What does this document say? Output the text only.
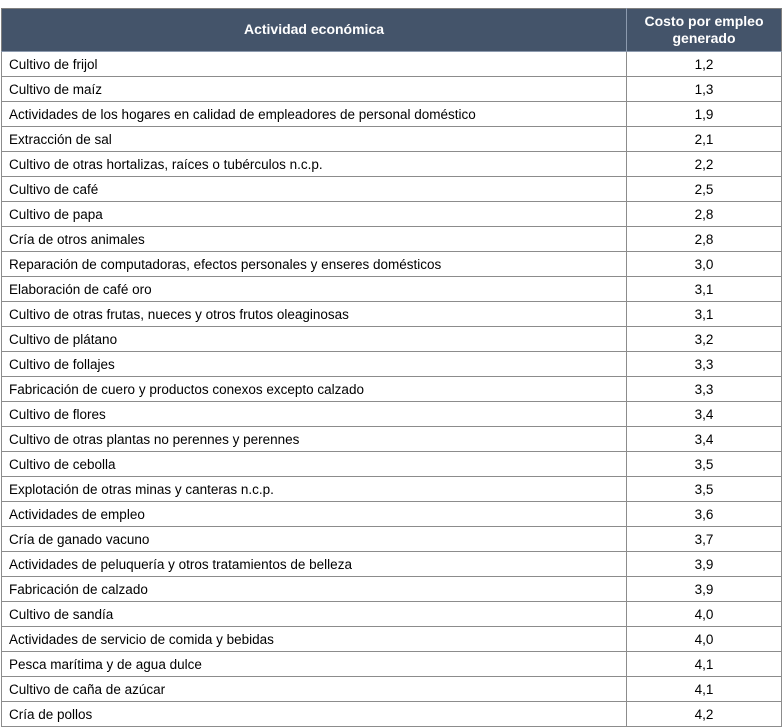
Actividad económica	Costo por empleo generado
Cultivo de frijol	1,2
Cultivo de maíz	1,3
Actividades de los hogares en calidad de empleadores de personal doméstico	1,9
Extracción de sal	2,1
Cultivo de otras hortalizas, raíces o tubérculos n.c.p.	2,2
Cultivo de café	2,5
Cultivo de papa	2,8
Cría de otros animales	2,8
Reparación de computadoras, efectos personales y enseres domésticos	3,0
Elaboración de café oro	3,1
Cultivo de otras frutas, nueces y otros frutos oleaginosas	3,1
Cultivo de plátano	3,2
Cultivo de follajes	3,3
Fabricación de cuero y productos conexos excepto calzado	3,3
Cultivo de flores	3,4
Cultivo de otras plantas no perennes y perennes	3,4
Cultivo de cebolla	3,5
Explotación de otras minas y canteras n.c.p.	3,5
Actividades de empleo	3,6
Cría de ganado vacuno	3,7
Actividades de peluquería y otros tratamientos de belleza	3,9
Fabricación de calzado	3,9
Cultivo de sandía	4,0
Actividades de servicio de comida y bebidas	4,0
Pesca marítima y de agua dulce	4,1
Cultivo de caña de azúcar	4,1
Cría de pollos	4,2
